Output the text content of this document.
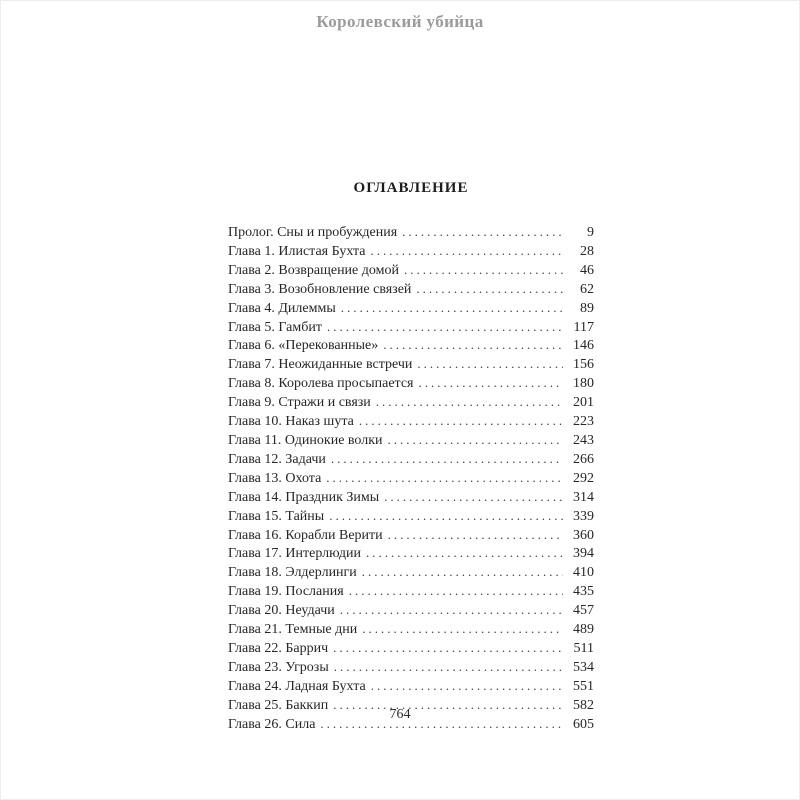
Королевский убийца
ОГЛАВЛЕНИЕ
Пролог. Сны и пробуждения .....	9
Глава 1. Илистая Бухта .....	28
Глава 2. Возвращение домой .....	46
Глава 3. Возобновление связей .....	62
Глава 4. Дилеммы .....	89
Глава 5. Гамбит .....	117
Глава 6. «Перекованные» .....	146
Глава 7. Неожиданные встречи .....	156
Глава 8. Королева просыпается .....	180
Глава 9. Стражи и связи .....	201
Глава 10. Наказ шута .....	223
Глава 11. Одинокие волки .....	243
Глава 12. Задачи .....	266
Глава 13. Охота .....	292
Глава 14. Праздник Зимы .....	314
Глава 15. Тайны .....	339
Глава 16. Корабли Верити .....	360
Глава 17. Интерлюдии .....	394
Глава 18. Элдерлинги .....	410
Глава 19. Послания .....	435
Глава 20. Неудачи .....	457
Глава 21. Темные дни .....	489
Глава 22. Баррич .....	511
Глава 23. Угрозы .....	534
Глава 24. Ладная Бухта .....	551
Глава 25. Баккип .....	582
Глава 26. Сила .....	605
764
